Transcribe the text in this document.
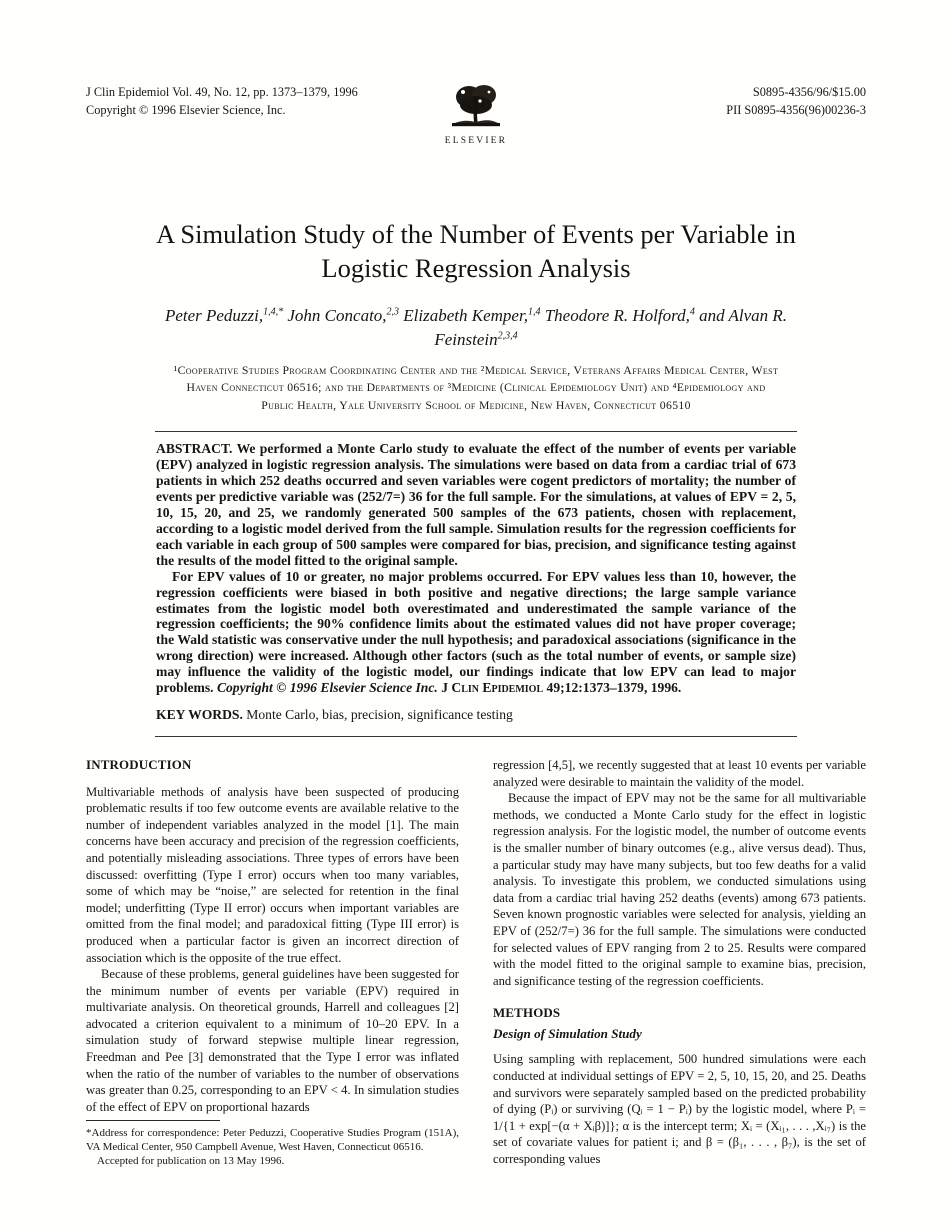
J Clin Epidemiol Vol. 49, No. 12, pp. 1373–1379, 1996
Copyright © 1996 Elsevier Science, Inc.
ELSEVIER
S0895-4356/96/$15.00
PII S0895-4356(96)00236-3
A Simulation Study of the Number of Events per Variable in
Logistic Regression Analysis
Peter Peduzzi,$^{1,4,*}$ John Concato,$^{2,3}$ Elizabeth Kemper,$^{1,4}$ Theodore R. Holford,$^4$ and Alvan R. Feinstein$^{2,3,4}$
¹Cooperative Studies Program Coordinating Center and the ²Medical Service, Veterans Affairs Medical Center, West Haven Connecticut 06516; and the Departments of ³Medicine (Clinical Epidemiology Unit) and ⁴Epidemiology and Public Health, Yale University School of Medicine, New Haven, Connecticut 06510

ABSTRACT. We performed a Monte Carlo study to evaluate the effect of the number of events per variable (EPV) analyzed in logistic regression analysis. The simulations were based on data from a cardiac trial of 673 patients in which 252 deaths occurred and seven variables were cogent predictors of mortality; the number of events per predictive variable was (252/7=) 36 for the full sample. For the simulations, at values of EPV = 2, 5, 10, 15, 20, and 25, we randomly generated 500 samples of the 673 patients, chosen with replacement, according to a logistic model derived from the full sample. Simulation results for the regression coefficients for each variable in each group of 500 samples were compared for bias, precision, and significance testing against the results of the model fitted to the original sample.

For EPV values of 10 or greater, no major problems occurred. For EPV values less than 10, however, the regression coefficients were biased in both positive and negative directions; the large sample variance estimates from the logistic model both overestimated and underestimated the sample variance of the regression coefficients; the 90% confidence limits about the estimated values did not have proper coverage; the Wald statistic was conservative under the null hypothesis; and paradoxical associations (significance in the wrong direction) were increased. Although other factors (such as the total number of events, or sample size) may influence the validity of the logistic model, our findings indicate that low EPV can lead to major problems. Copyright © 1996 Elsevier Science Inc. J Clin Epidemiol 49;12:1373–1379, 1996.

KEY WORDS. Monte Carlo, bias, precision, significance testing
INTRODUCTION

Multivariable methods of analysis have been suspected of producing problematic results if too few outcome events are available relative to the number of independent variables analyzed in the model [1]. The main concerns have been accuracy and precision of the regression coefficients, and potentially misleading associations. Three types of errors have been discussed: overfitting (Type I error) occurs when too many variables, some of which may be “noise,” are selected for retention in the final model; underfitting (Type II error) occurs when important variables are omitted from the final model; and paradoxical fitting (Type III error) is produced when a particular factor is given an incorrect direction of association which is the opposite of the true effect.

Because of these problems, general guidelines have been suggested for the minimum number of events per variable (EPV) required in multivariate analysis. On theoretical grounds, Harrell and colleagues [2] advocated a criterion equivalent to a minimum of 10–20 EPV. In a simulation study of forward stepwise multiple linear regression, Freedman and Pee [3] demonstrated that the Type I error was inflated when the ratio of the number of variables to the number of observations was greater than 0.25, corresponding to an EPV < 4. In simulation studies of the effect of EPV on proportional hazards

*Address for correspondence: Peter Peduzzi, Cooperative Studies Program (151A), VA Medical Center, 950 Campbell Avenue, West Haven, Connecticut 06516.
Accepted for publication on 13 May 1996.

regression [4,5], we recently suggested that at least 10 events per variable analyzed were desirable to maintain the validity of the model.

Because the impact of EPV may not be the same for all multivariable methods, we conducted a Monte Carlo study for the effect in logistic regression analysis. For the logistic model, the number of outcome events is the smaller number of binary outcomes (e.g., alive versus dead). Thus, a particular study may have many subjects, but too few deaths for a valid analysis. To investigate this problem, we conducted simulations using data from a cardiac trial having 252 deaths (events) among 673 patients. Seven known prognostic variables were selected for analysis, yielding an EPV of (252/7=) 36 for the full sample. The simulations were conducted for selected values of EPV ranging from 2 to 25. Results were compared with the model fitted to the original sample to examine bias, precision, and significance testing of the regression coefficients.

METHODS
Design of Simulation Study

Using sampling with replacement, 500 hundred simulations were each conducted at individual settings of EPV = 2, 5, 10, 15, 20, and 25. Deaths and survivors were separately sampled based on the predicted probability of dying (Pᵢ) or surviving (Qᵢ = 1 − Pᵢ) by the logistic model, where Pᵢ = 1/{1 + exp[−(α + Xᵢβ)]}; α is the intercept term; Xᵢ = (Xᵢ₁, . . . ,Xᵢ₇) is the set of covariate values for patient i; and β = (β₁, . . . , β₇), is the set of corresponding values
